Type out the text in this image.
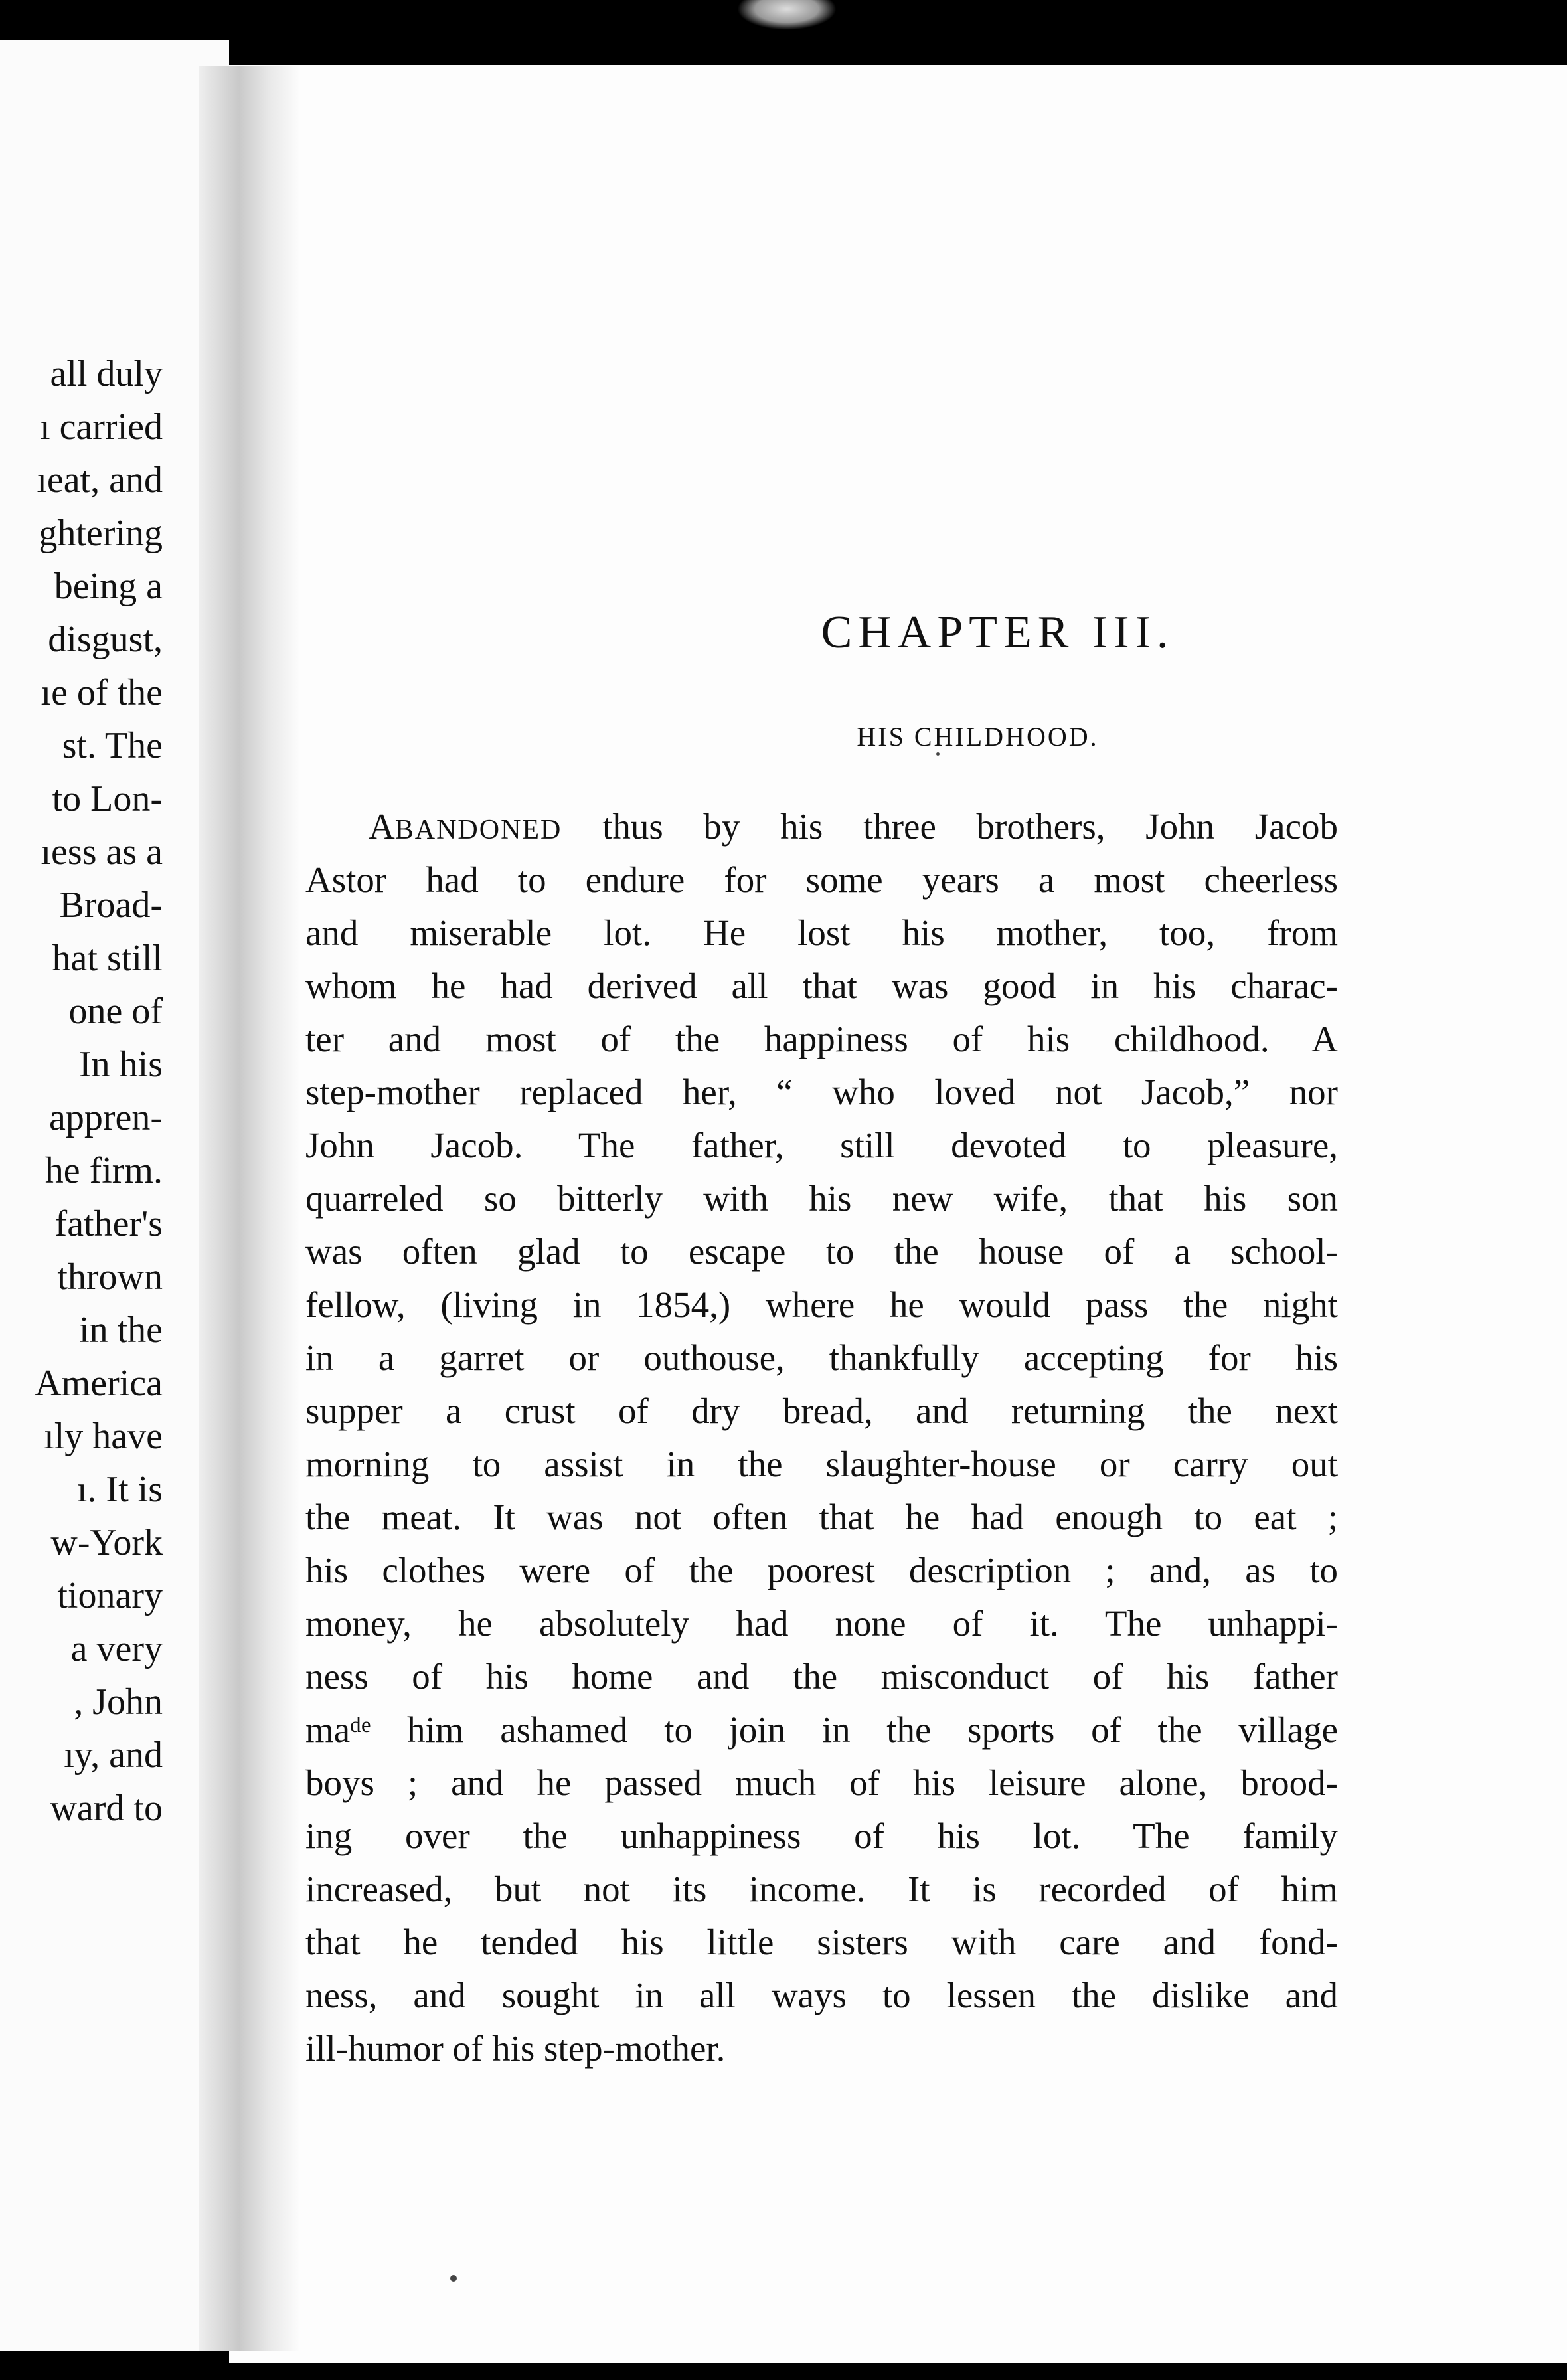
all duly
ı carried
ıeat, and
ghtering
being a
disgust,
ıe of the
st. The
to Lon-
ıess as a
Broad-
hat still
one of
In his
appren-
he firm.
father's
thrown
in the
America
ıly have
ı. It is
w-York
tionary
a very
, John
ıy, and
ward to
CHAPTER III.
HIS CHILDHOOD.
ABANDONED thus by his three brothers, John Jacob
Astor had to endure for some years a most cheerless
and miserable lot. He lost his mother, too, from
whom he had derived all that was good in his charac-
ter and most of the happiness of his childhood. A
step-mother replaced her, “ who loved not Jacob,” nor
John Jacob. The father, still devoted to pleasure,
quarreled so bitterly with his new wife, that his son
was often glad to escape to the house of a school-
fellow, (living in 1854,) where he would pass the night
in a garret or outhouse, thankfully accepting for his
supper a crust of dry bread, and returning the next
morning to assist in the slaughter-house or carry out
the meat. It was not often that he had enough to eat ;
his clothes were of the poorest description ; and, as to
money, he absolutely had none of it. The unhappi-
ness of his home and the misconduct of his father
maᵈᵉ him ashamed to join in the sports of the village
boys ; and he passed much of his leisure alone, brood-
ing over the unhappiness of his lot. The family
increased, but not its income. It is recorded of him
that he tended his little sisters with care and fond-
ness, and sought in all ways to lessen the dislike and
ill-humor of his step-mother.
